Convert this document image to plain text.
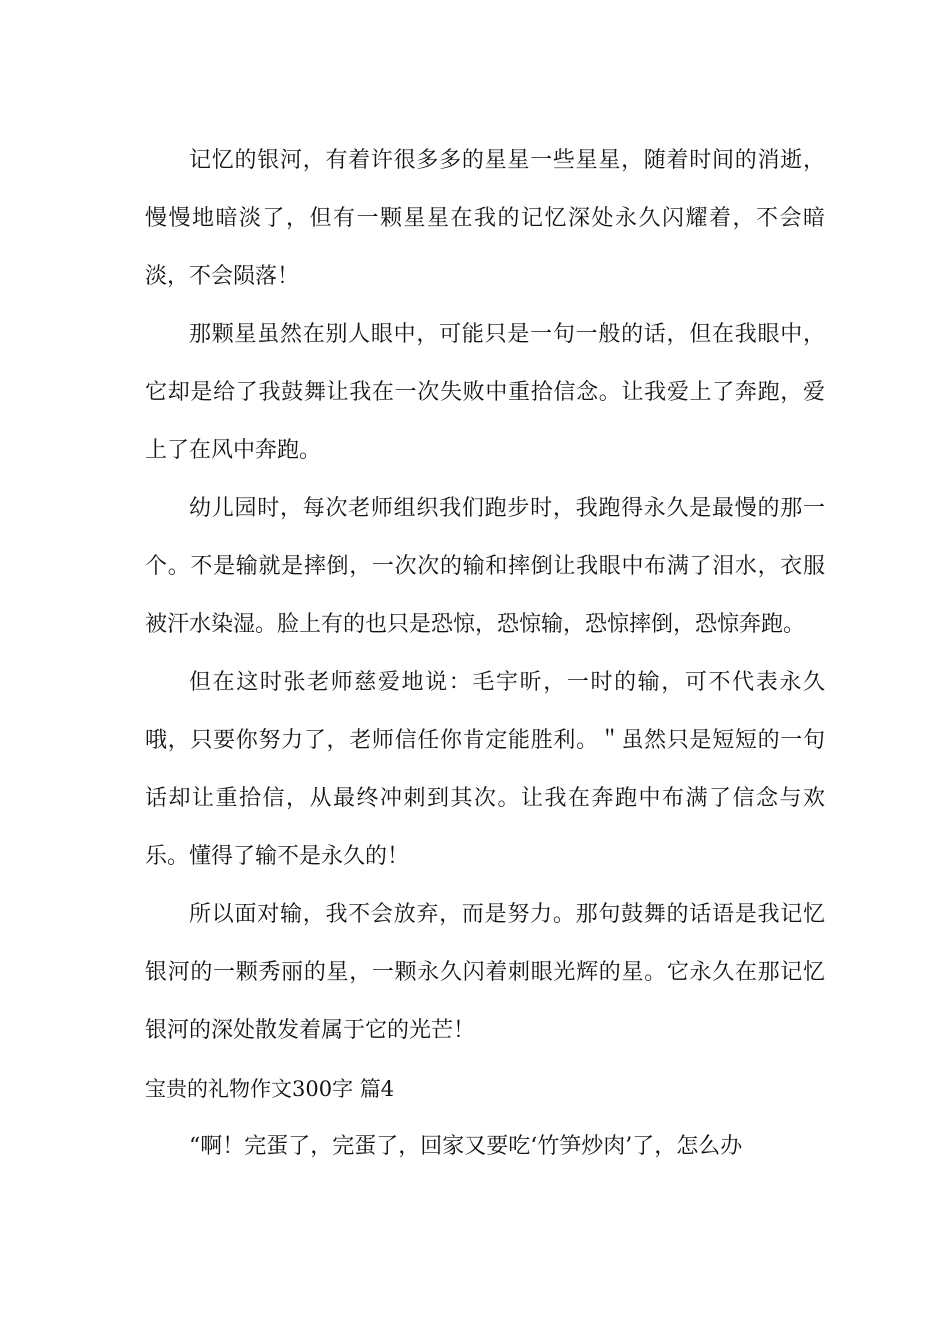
记忆的银河，有着许很多多的星星一些星星，随着时间的消逝，慢慢地暗淡了，但有一颗星星在我的记忆深处永久闪耀着，不会暗淡，不会陨落！

那颗星虽然在别人眼中，可能只是一句一般的话，但在我眼中，它却是给了我鼓舞让我在一次失败中重拾信念。让我爱上了奔跑，爱上了在风中奔跑。

幼儿园时，每次老师组织我们跑步时，我跑得永久是最慢的那一个。不是输就是摔倒，一次次的输和摔倒让我眼中布满了泪水，衣服被汗水染湿。脸上有的也只是恐惊，恐惊输，恐惊摔倒，恐惊奔跑。

但在这时张老师慈爱地说：毛宇昕，一时的输，可不代表永久哦，只要你努力了，老师信任你肯定能胜利。＂虽然只是短短的一句话却让重拾信，从最终冲刺到其次。让我在奔跑中布满了信念与欢乐。懂得了输不是永久的！

所以面对输，我不会放弃，而是努力。那句鼓舞的话语是我记忆银河的一颗秀丽的星，一颗永久闪着刺眼光辉的星。它永久在那记忆银河的深处散发着属于它的光芒！

宝贵的礼物作文300字 篇4

“啊！完蛋了，完蛋了，回家又要吃‘竹笋炒肉’了，怎么办
